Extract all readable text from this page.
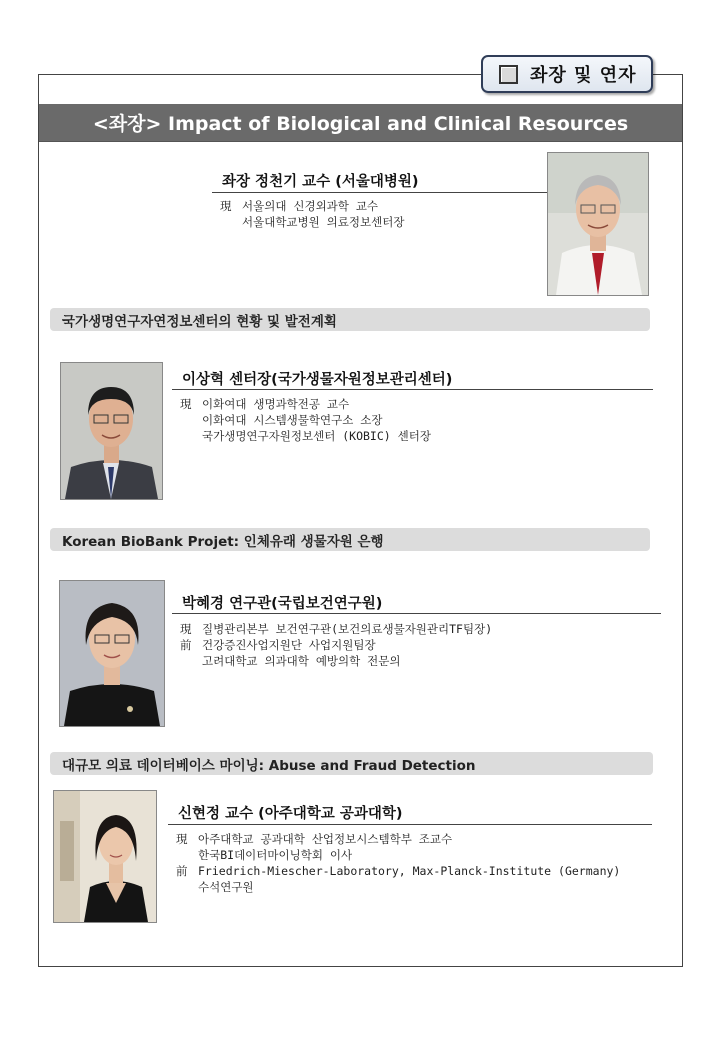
좌장 및 연자
<좌장> Impact of Biological and Clinical Resources
좌장 정천기 교수 (서울대병원)
現 서울의대 신경외과학 교수
서울대학교병원 의료정보센터장
국가생명연구자연정보센터의 현황 및 발전계획
이상혁 센터장(국가생물자원정보관리센터)
現 이화여대 생명과학전공 교수
이화여대 시스템생물학연구소 소장
국가생명연구자원정보센터 (KOBIC) 센터장
Korean BioBank Projet: 인체유래 생물자원 은행
박혜경 연구관(국립보건연구원)
現 질병관리본부 보건연구관(보건의료생물자원관리TF팀장)
前 건강증진사업지원단 사업지원팀장
고려대학교 의과대학 예방의학 전문의
대규모 의료 데이터베이스 마이닝: Abuse and Fraud Detection
신현정 교수 (아주대학교 공과대학)
現 아주대학교 공과대학 산업정보시스템학부 조교수
한국BI데이터마이닝학회 이사
前 Friedrich-Miescher-Laboratory, Max-Planck-Institute (Germany)
수석연구원
